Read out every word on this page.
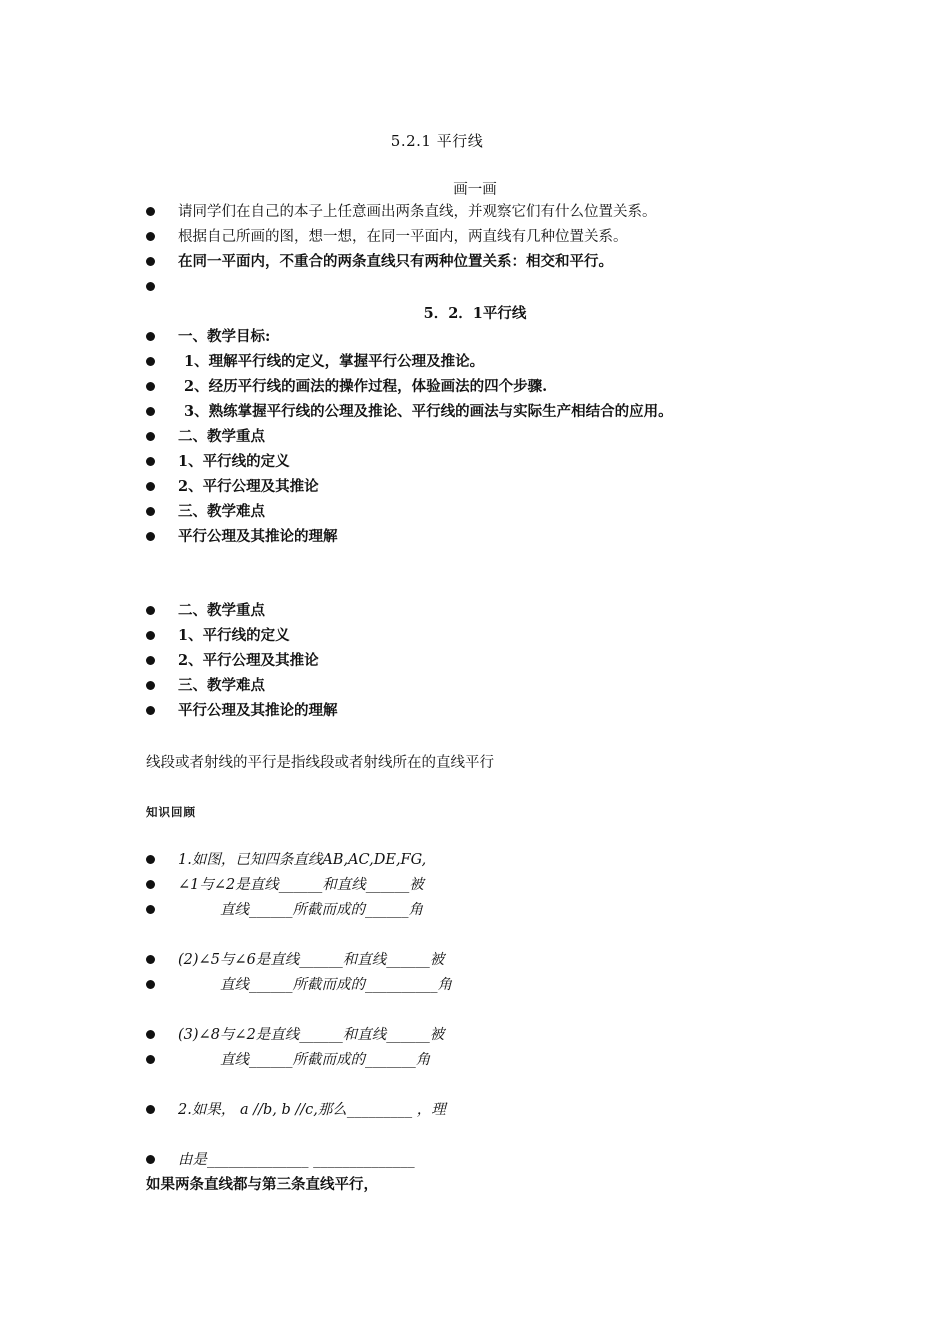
5.2.1 平行线
画一画
请同学们在自己的本子上任意画出两条直线，并观察它们有什么位置关系。
根据自己所画的图，想一想，在同一平面内，两直线有几种位置关系。
在同一平面内，不重合的两条直线只有两种位置关系：相交和平行。
5．2．1平行线
一、教学目标:
1、理解平行线的定义，掌握平行公理及推论。
2、经历平行线的画法的操作过程，体验画法的四个步骤.
3、熟练掌握平行线的公理及推论、平行线的画法与实际生产相结合的应用。
二、教学重点
1、平行线的定义
2、平行公理及其推论
三、教学难点
平行公理及其推论的理解
二、教学重点
1、平行线的定义
2、平行公理及其推论
三、教学难点
平行公理及其推论的理解
线段或者射线的平行是指线段或者射线所在的直线平行
知识回顾
1.如图，已知四条直线AB,AC,DE,FG,
∠1与∠2是直线______和直线______被
直线______所截而成的______角
(2)∠5与∠6是直线______和直线______被
直线______所截而成的__________角
(3)∠8与∠2是直线______和直线______被
直线______所截而成的_______角
2.如果， a //b, b //c,那么_________ ，理
由是______________ ______________
如果两条直线都与第三条直线平行，
